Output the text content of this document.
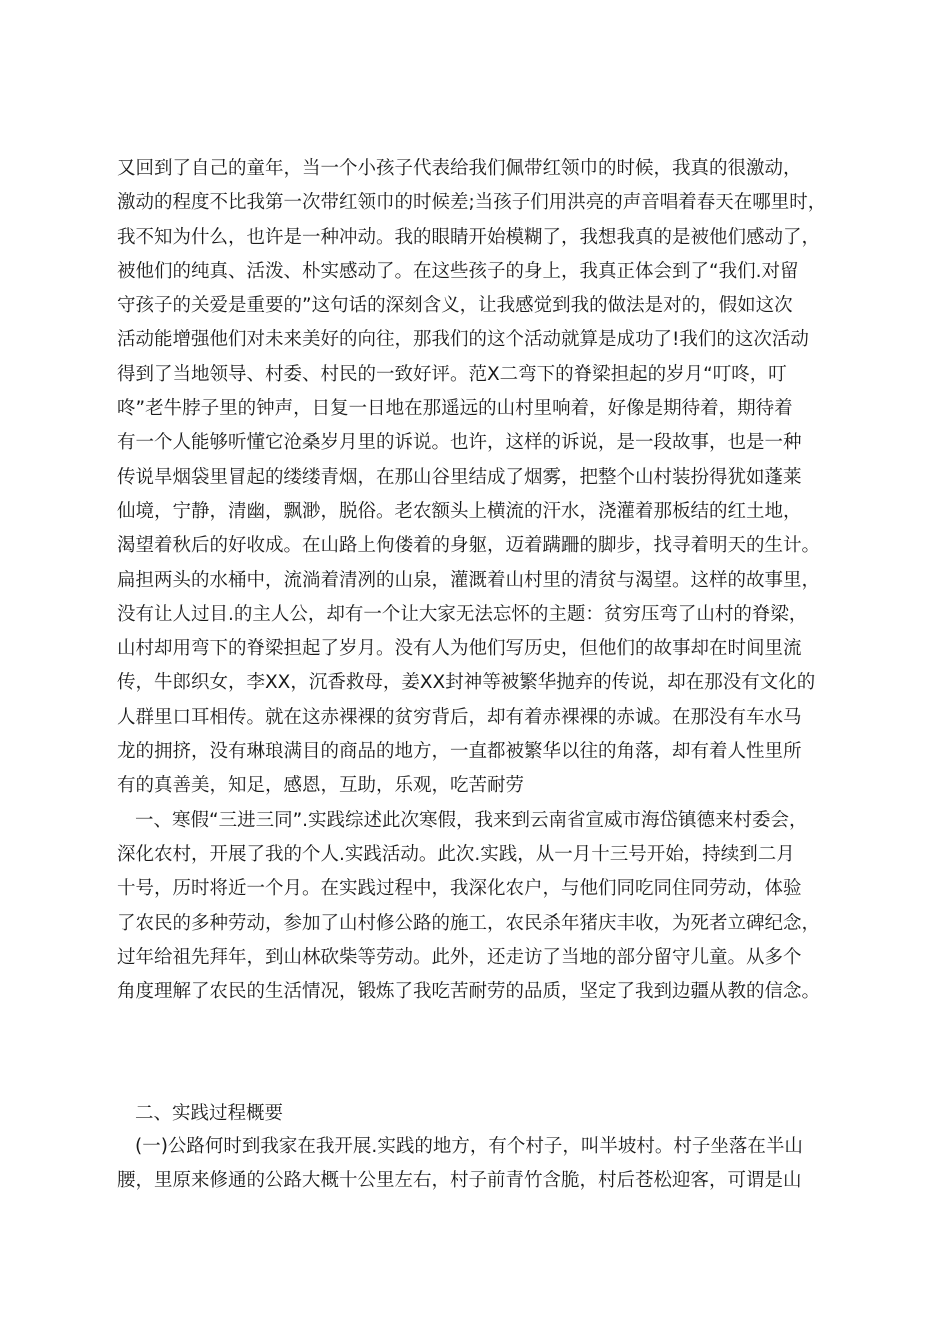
又回到了自己的童年，当一个小孩子代表给我们佩带红领巾的时候，我真的很激动，
激动的程度不比我第一次带红领巾的时候差;当孩子们用洪亮的声音唱着春天在哪里时，
我不知为什么，也许是一种冲动。我的眼睛开始模糊了，我想我真的是被他们感动了，
被他们的纯真、活泼、朴实感动了。在这些孩子的身上，我真正体会到了“我们.对留
守孩子的关爱是重要的”这句话的深刻含义，让我感觉到我的做法是对的，假如这次
活动能增强他们对未来美好的向往，那我们的这个活动就算是成功了!我们的这次活动
得到了当地领导、村委、村民的一致好评。范X二弯下的脊梁担起的岁月“叮咚，叮
咚”老牛脖子里的钟声，日复一日地在那遥远的山村里响着，好像是期待着，期待着
有一个人能够听懂它沧桑岁月里的诉说。也许，这样的诉说，是一段故事，也是一种
传说旱烟袋里冒起的缕缕青烟，在那山谷里结成了烟雾，把整个山村装扮得犹如蓬莱
仙境，宁静，清幽，飘渺，脱俗。老农额头上横流的汗水，浇灌着那板结的红土地，
渴望着秋后的好收成。在山路上佝偻着的身躯，迈着蹒跚的脚步，找寻着明天的生计。
扁担两头的水桶中，流淌着清冽的山泉，灌溉着山村里的清贫与渴望。这样的故事里，
没有让人过目.的主人公，却有一个让大家无法忘怀的主题：贫穷压弯了山村的脊梁，
山村却用弯下的脊梁担起了岁月。没有人为他们写历史，但他们的故事却在时间里流
传，牛郎织女，李XX，沉香救母，姜XX封神等被繁华抛弃的传说，却在那没有文化的
人群里口耳相传。就在这赤裸裸的贫穷背后，却有着赤裸裸的赤诚。在那没有车水马
龙的拥挤，没有琳琅满目的商品的地方，一直都被繁华以往的角落，却有着人性里所
有的真善美，知足，感恩，互助，乐观，吃苦耐劳
一、寒假“三进三同”.实践综述此次寒假，我来到云南省宣威市海岱镇德来村委会，
深化农村，开展了我的个人.实践活动。此次.实践，从一月十三号开始，持续到二月
十号，历时将近一个月。在实践过程中，我深化农户，与他们同吃同住同劳动，体验
了农民的多种劳动，参加了山村修公路的施工，农民杀年猪庆丰收，为死者立碑纪念，
过年给祖先拜年，到山林砍柴等劳动。此外，还走访了当地的部分留守儿童。从多个
角度理解了农民的生活情况，锻炼了我吃苦耐劳的品质，坚定了我到边疆从教的信念。
二、实践过程概要
(一)公路何时到我家在我开展.实践的地方，有个村子，叫半坡村。村子坐落在半山
腰，里原来修通的公路大概十公里左右，村子前青竹含脆，村后苍松迎客，可谓是山
